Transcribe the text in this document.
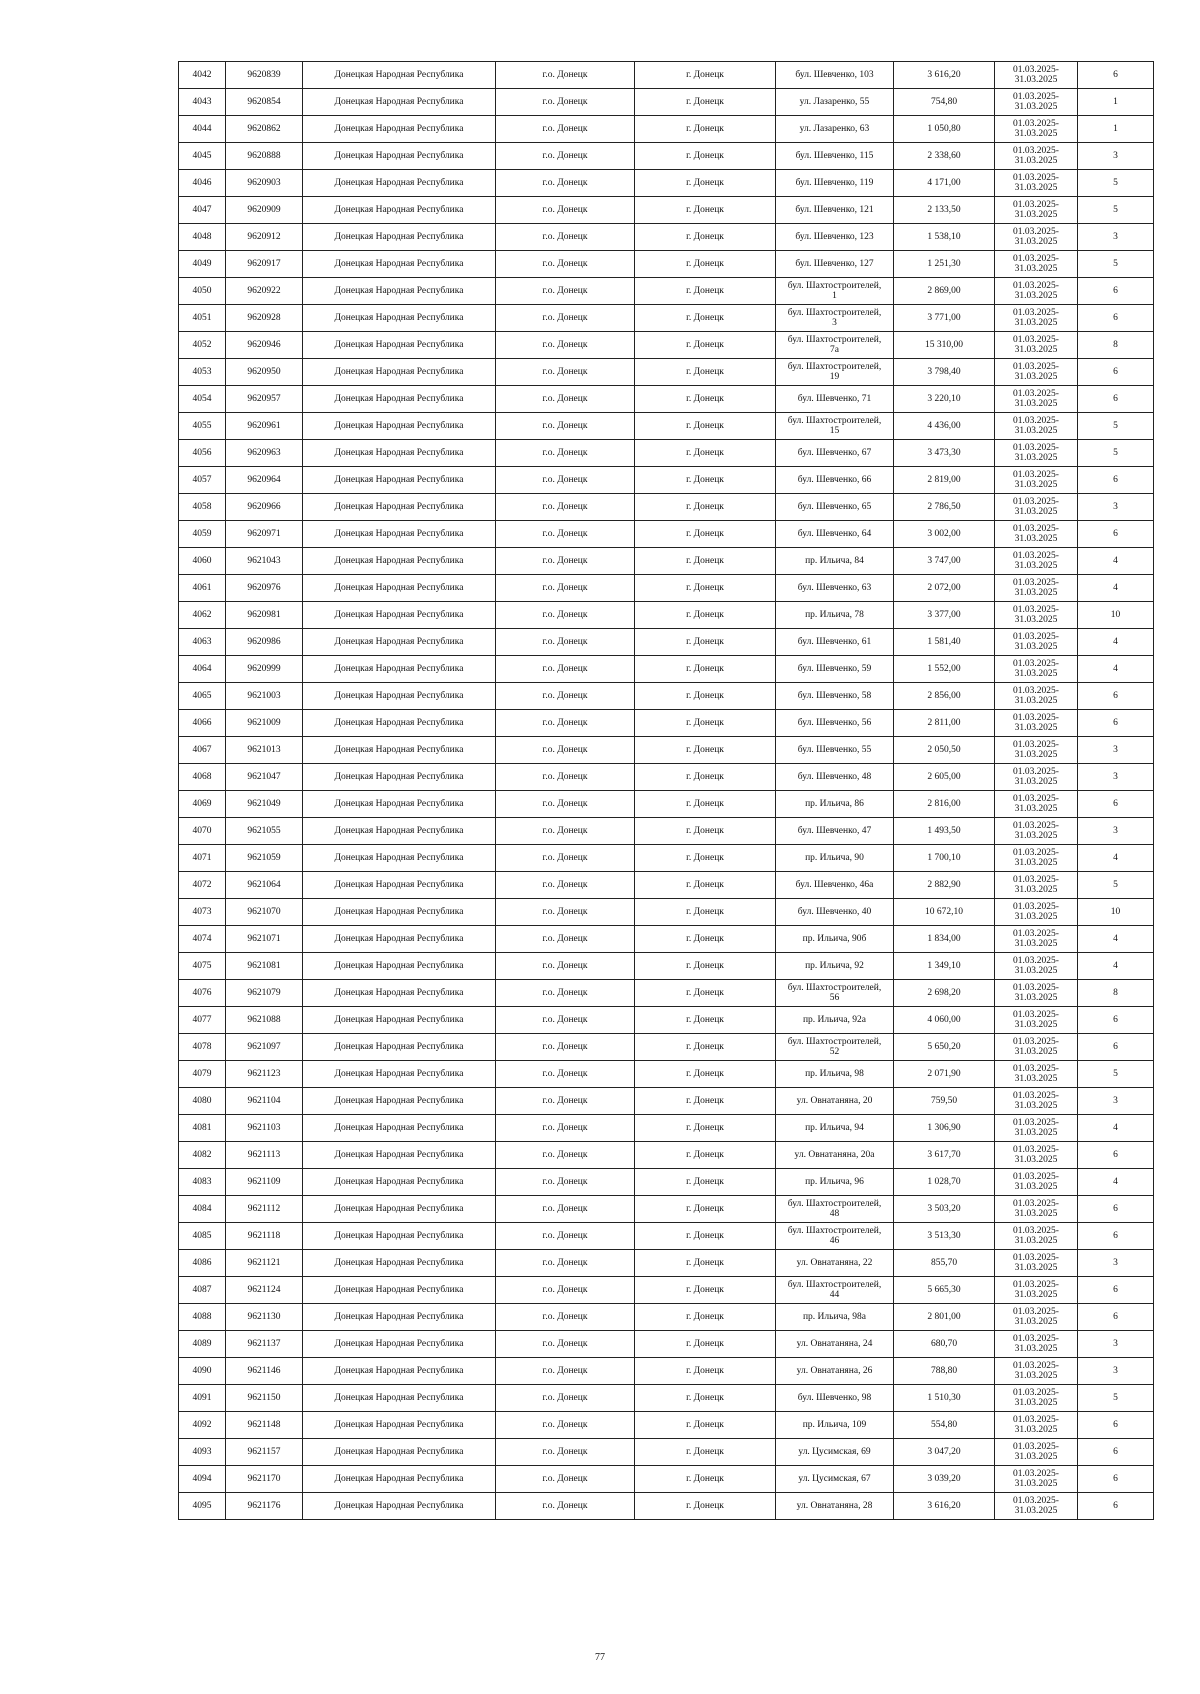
4042	9620839	Донецкая Народная Республика	г.о. Донецк	г. Донецк	бул. Шевченко, 103	3 616,20	01.03.2025-
31.03.2025	6
4043	9620854	Донецкая Народная Республика	г.о. Донецк	г. Донецк	ул. Лазаренко, 55	754,80	01.03.2025-
31.03.2025	1
4044	9620862	Донецкая Народная Республика	г.о. Донецк	г. Донецк	ул. Лазаренко, 63	1 050,80	01.03.2025-
31.03.2025	1
4045	9620888	Донецкая Народная Республика	г.о. Донецк	г. Донецк	бул. Шевченко, 115	2 338,60	01.03.2025-
31.03.2025	3
4046	9620903	Донецкая Народная Республика	г.о. Донецк	г. Донецк	бул. Шевченко, 119	4 171,00	01.03.2025-
31.03.2025	5
4047	9620909	Донецкая Народная Республика	г.о. Донецк	г. Донецк	бул. Шевченко, 121	2 133,50	01.03.2025-
31.03.2025	5
4048	9620912	Донецкая Народная Республика	г.о. Донецк	г. Донецк	бул. Шевченко, 123	1 538,10	01.03.2025-
31.03.2025	3
4049	9620917	Донецкая Народная Республика	г.о. Донецк	г. Донецк	бул. Шевченко, 127	1 251,30	01.03.2025-
31.03.2025	5
4050	9620922	Донецкая Народная Республика	г.о. Донецк	г. Донецк	бул. Шахтостроителей,
1	2 869,00	01.03.2025-
31.03.2025	6
4051	9620928	Донецкая Народная Республика	г.о. Донецк	г. Донецк	бул. Шахтостроителей,
3	3 771,00	01.03.2025-
31.03.2025	6
4052	9620946	Донецкая Народная Республика	г.о. Донецк	г. Донецк	бул. Шахтостроителей,
7а	15 310,00	01.03.2025-
31.03.2025	8
4053	9620950	Донецкая Народная Республика	г.о. Донецк	г. Донецк	бул. Шахтостроителей,
19	3 798,40	01.03.2025-
31.03.2025	6
4054	9620957	Донецкая Народная Республика	г.о. Донецк	г. Донецк	бул. Шевченко, 71	3 220,10	01.03.2025-
31.03.2025	6
4055	9620961	Донецкая Народная Республика	г.о. Донецк	г. Донецк	бул. Шахтостроителей,
15	4 436,00	01.03.2025-
31.03.2025	5
4056	9620963	Донецкая Народная Республика	г.о. Донецк	г. Донецк	бул. Шевченко, 67	3 473,30	01.03.2025-
31.03.2025	5
4057	9620964	Донецкая Народная Республика	г.о. Донецк	г. Донецк	бул. Шевченко, 66	2 819,00	01.03.2025-
31.03.2025	6
4058	9620966	Донецкая Народная Республика	г.о. Донецк	г. Донецк	бул. Шевченко, 65	2 786,50	01.03.2025-
31.03.2025	3
4059	9620971	Донецкая Народная Республика	г.о. Донецк	г. Донецк	бул. Шевченко, 64	3 002,00	01.03.2025-
31.03.2025	6
4060	9621043	Донецкая Народная Республика	г.о. Донецк	г. Донецк	пр. Ильича, 84	3 747,00	01.03.2025-
31.03.2025	4
4061	9620976	Донецкая Народная Республика	г.о. Донецк	г. Донецк	бул. Шевченко, 63	2 072,00	01.03.2025-
31.03.2025	4
4062	9620981	Донецкая Народная Республика	г.о. Донецк	г. Донецк	пр. Ильича, 78	3 377,00	01.03.2025-
31.03.2025	10
4063	9620986	Донецкая Народная Республика	г.о. Донецк	г. Донецк	бул. Шевченко, 61	1 581,40	01.03.2025-
31.03.2025	4
4064	9620999	Донецкая Народная Республика	г.о. Донецк	г. Донецк	бул. Шевченко, 59	1 552,00	01.03.2025-
31.03.2025	4
4065	9621003	Донецкая Народная Республика	г.о. Донецк	г. Донецк	бул. Шевченко, 58	2 856,00	01.03.2025-
31.03.2025	6
4066	9621009	Донецкая Народная Республика	г.о. Донецк	г. Донецк	бул. Шевченко, 56	2 811,00	01.03.2025-
31.03.2025	6
4067	9621013	Донецкая Народная Республика	г.о. Донецк	г. Донецк	бул. Шевченко, 55	2 050,50	01.03.2025-
31.03.2025	3
4068	9621047	Донецкая Народная Республика	г.о. Донецк	г. Донецк	бул. Шевченко, 48	2 605,00	01.03.2025-
31.03.2025	3
4069	9621049	Донецкая Народная Республика	г.о. Донецк	г. Донецк	пр. Ильича, 86	2 816,00	01.03.2025-
31.03.2025	6
4070	9621055	Донецкая Народная Республика	г.о. Донецк	г. Донецк	бул. Шевченко, 47	1 493,50	01.03.2025-
31.03.2025	3
4071	9621059	Донецкая Народная Республика	г.о. Донецк	г. Донецк	пр. Ильича, 90	1 700,10	01.03.2025-
31.03.2025	4
4072	9621064	Донецкая Народная Республика	г.о. Донецк	г. Донецк	бул. Шевченко, 46а	2 882,90	01.03.2025-
31.03.2025	5
4073	9621070	Донецкая Народная Республика	г.о. Донецк	г. Донецк	бул. Шевченко, 40	10 672,10	01.03.2025-
31.03.2025	10
4074	9621071	Донецкая Народная Республика	г.о. Донецк	г. Донецк	пр. Ильича, 90б	1 834,00	01.03.2025-
31.03.2025	4
4075	9621081	Донецкая Народная Республика	г.о. Донецк	г. Донецк	пр. Ильича, 92	1 349,10	01.03.2025-
31.03.2025	4
4076	9621079	Донецкая Народная Республика	г.о. Донецк	г. Донецк	бул. Шахтостроителей,
56	2 698,20	01.03.2025-
31.03.2025	8
4077	9621088	Донецкая Народная Республика	г.о. Донецк	г. Донецк	пр. Ильича, 92а	4 060,00	01.03.2025-
31.03.2025	6
4078	9621097	Донецкая Народная Республика	г.о. Донецк	г. Донецк	бул. Шахтостроителей,
52	5 650,20	01.03.2025-
31.03.2025	6
4079	9621123	Донецкая Народная Республика	г.о. Донецк	г. Донецк	пр. Ильича, 98	2 071,90	01.03.2025-
31.03.2025	5
4080	9621104	Донецкая Народная Республика	г.о. Донецк	г. Донецк	ул. Овнатаняна, 20	759,50	01.03.2025-
31.03.2025	3
4081	9621103	Донецкая Народная Республика	г.о. Донецк	г. Донецк	пр. Ильича, 94	1 306,90	01.03.2025-
31.03.2025	4
4082	9621113	Донецкая Народная Республика	г.о. Донецк	г. Донецк	ул. Овнатаняна, 20а	3 617,70	01.03.2025-
31.03.2025	6
4083	9621109	Донецкая Народная Республика	г.о. Донецк	г. Донецк	пр. Ильича, 96	1 028,70	01.03.2025-
31.03.2025	4
4084	9621112	Донецкая Народная Республика	г.о. Донецк	г. Донецк	бул. Шахтостроителей,
48	3 503,20	01.03.2025-
31.03.2025	6
4085	9621118	Донецкая Народная Республика	г.о. Донецк	г. Донецк	бул. Шахтостроителей,
46	3 513,30	01.03.2025-
31.03.2025	6
4086	9621121	Донецкая Народная Республика	г.о. Донецк	г. Донецк	ул. Овнатаняна, 22	855,70	01.03.2025-
31.03.2025	3
4087	9621124	Донецкая Народная Республика	г.о. Донецк	г. Донецк	бул. Шахтостроителей,
44	5 665,30	01.03.2025-
31.03.2025	6
4088	9621130	Донецкая Народная Республика	г.о. Донецк	г. Донецк	пр. Ильича, 98а	2 801,00	01.03.2025-
31.03.2025	6
4089	9621137	Донецкая Народная Республика	г.о. Донецк	г. Донецк	ул. Овнатаняна, 24	680,70	01.03.2025-
31.03.2025	3
4090	9621146	Донецкая Народная Республика	г.о. Донецк	г. Донецк	ул. Овнатаняна, 26	788,80	01.03.2025-
31.03.2025	3
4091	9621150	Донецкая Народная Республика	г.о. Донецк	г. Донецк	бул. Шевченко, 98	1 510,30	01.03.2025-
31.03.2025	5
4092	9621148	Донецкая Народная Республика	г.о. Донецк	г. Донецк	пр. Ильича, 109	554,80	01.03.2025-
31.03.2025	6
4093	9621157	Донецкая Народная Республика	г.о. Донецк	г. Донецк	ул. Цусимская, 69	3 047,20	01.03.2025-
31.03.2025	6
4094	9621170	Донецкая Народная Республика	г.о. Донецк	г. Донецк	ул. Цусимская, 67	3 039,20	01.03.2025-
31.03.2025	6
4095	9621176	Донецкая Народная Республика	г.о. Донецк	г. Донецк	ул. Овнатаняна, 28	3 616,20	01.03.2025-
31.03.2025	6
77
